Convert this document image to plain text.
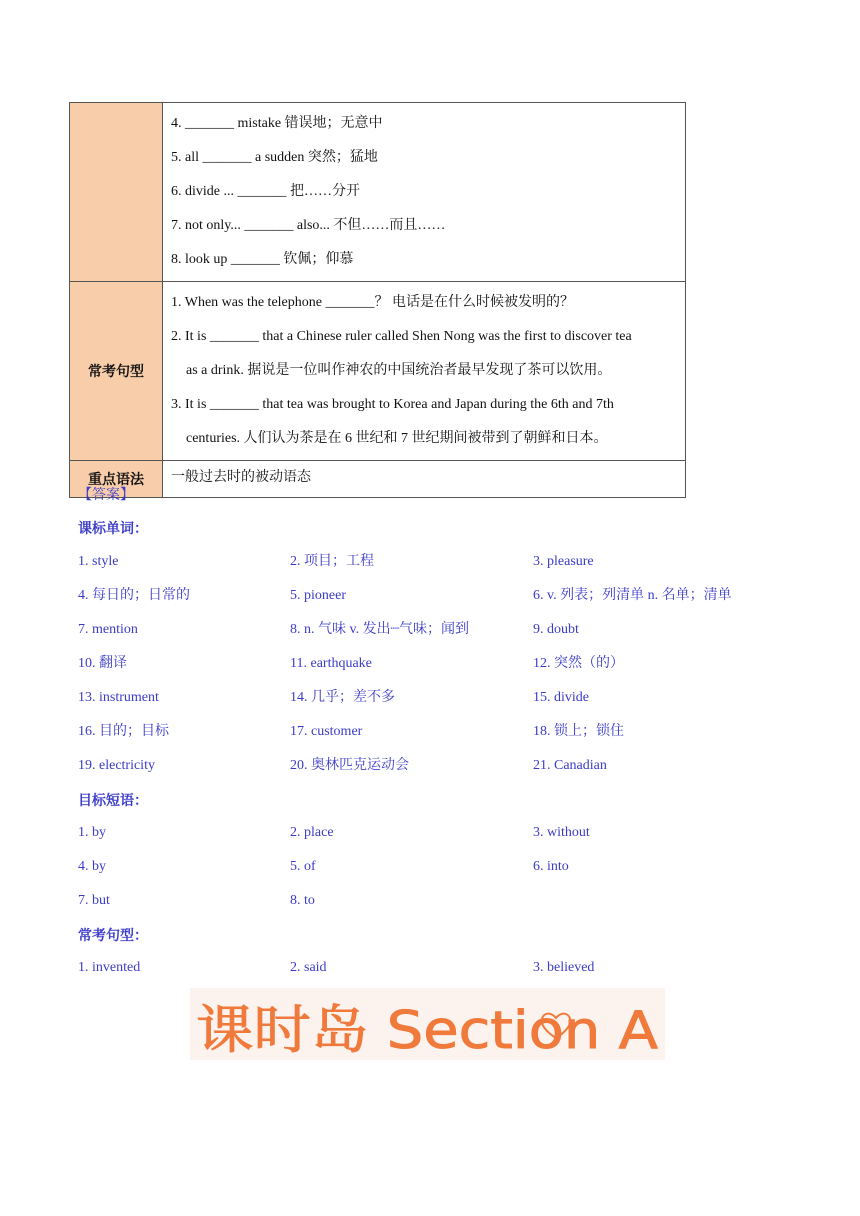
	4. _______ mistake 错误地；无意中
5. all _______ a sudden 突然；猛地
6. divide ... _______ 把……分开
7. not only... _______ also... 不但……而且……
8. look up _______ 钦佩；仰慕

常考句型	1. When was the telephone _______？ 电话是在什么时候被发明的？
2. It is _______ that a Chinese ruler called Shen Nong was the first to discover tea
as a drink. 据说是一位叫作神农的中国统治者最早发现了茶可以饮用。
3. It is _______ that tea was brought to Korea and Japan during the 6th and 7th
centuries. 人们认为茶是在 6 世纪和 7 世纪期间被带到了朝鲜和日本。

重点语法	一般过去时的被动语态
【答案】
课标单词：
1. style	2. 项目；工程	3. pleasure
4. 每日的；日常的	5. pioneer	6. v. 列表；列清单 n. 名单；清单
7. mention	8. n. 气味 v. 发出┈气味；闻到	9. doubt
10. 翻译	11. earthquake	12. 突然（的）
13. instrument	14. 几乎；差不多	15. divide
16. 目的；目标	17. customer	18. 锁上；锁住
19. electricity	20. 奥林匹克运动会	21. Canadian
目标短语：
1. by	2. place	3. without
4. by	5. of	6. into
7. but	8. to
常考句型：
1. invented	2. said	3. believed
课时岛 Section A
